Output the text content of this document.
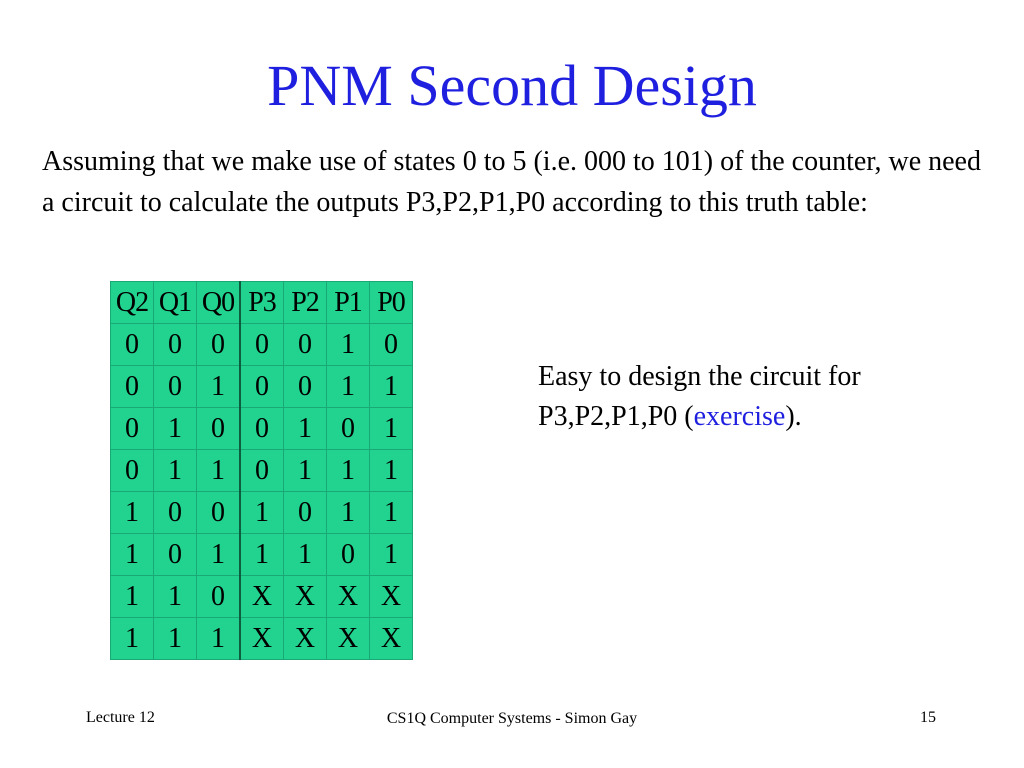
PNM Second Design

Assuming that we make use of states 0 to 5 (i.e. 000 to 101) of the counter, we need a circuit to calculate the outputs P3,P2,P1,P0 according to this truth table:

Q2	Q1	Q0	P3	P2	P1	P0
0	0	0	0	0	1	0
0	0	1	0	0	1	1
0	1	0	0	1	0	1
0	1	1	0	1	1	1
1	0	0	1	0	1	1
1	0	1	1	1	0	1
1	1	0	X	X	X	X
1	1	1	X	X	X	X

Easy to design the circuit for P3,P2,P1,P0 (exercise).

Lecture 12	CS1Q Computer Systems - Simon Gay	15
